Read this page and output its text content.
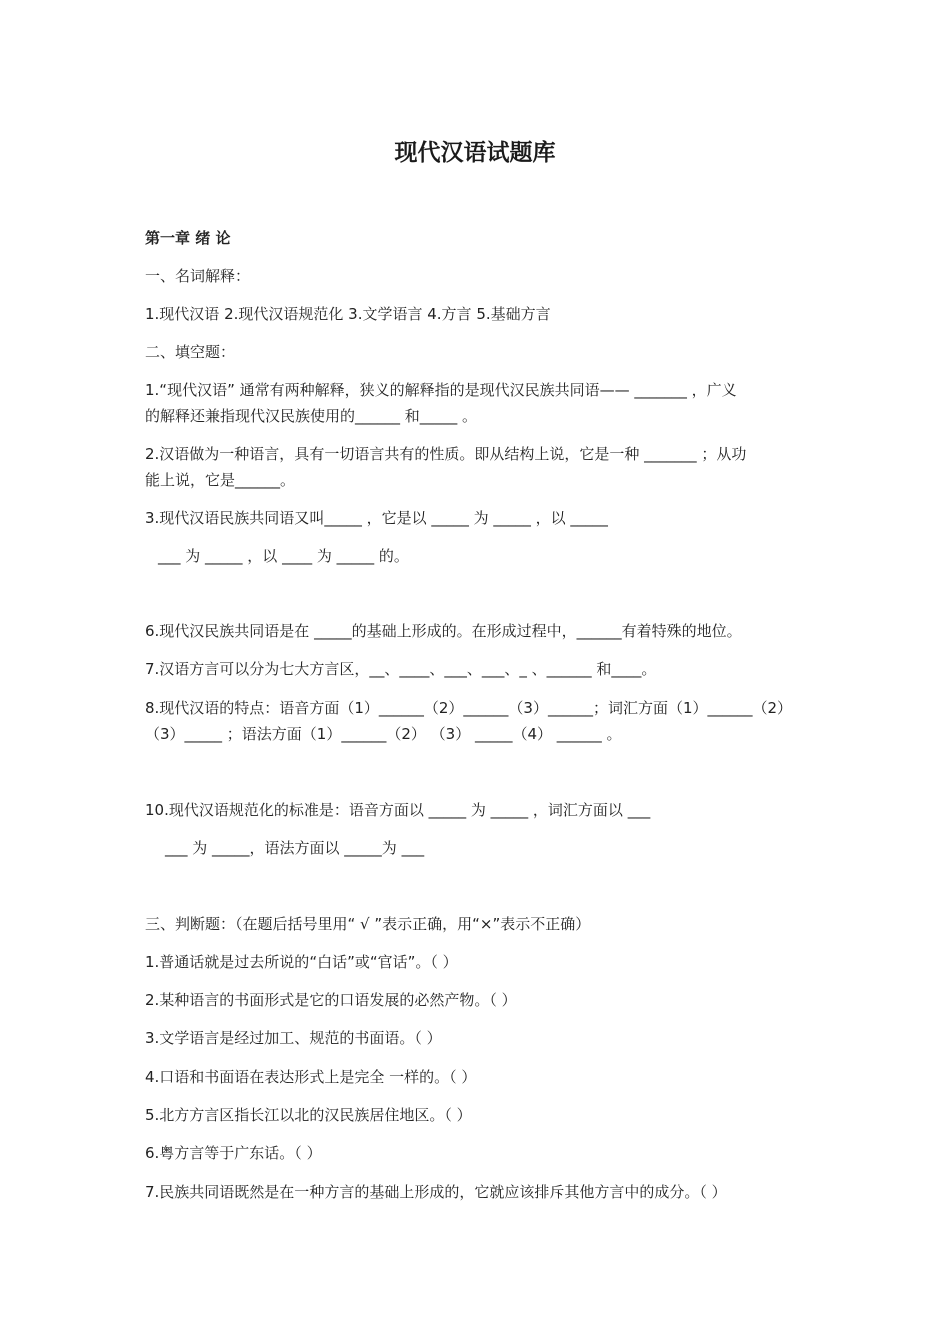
现代汉语试题库
第一章 绪 论
一、名词解释：
1.现代汉语 2.现代汉语规范化 3.文学语言 4.方言 5.基础方言
二、填空题：
1.“现代汉语” 通常有两种解释，狭义的解释指的是现代汉民族共同语—— _______ ，广义
的解释还兼指现代汉民族使用的______ 和_____ 。
2.汉语做为一种语言，具有一切语言共有的性质。即从结构上说，它是一种 _______ ；从功
能上说，它是______。
3.现代汉语民族共同语又叫_____ ，它是以 _____ 为 _____ ，以 _____
___ 为 _____ ，以 ____ 为 _____ 的。
6.现代汉民族共同语是在 _____的基础上形成的。在形成过程中，______有着特殊的地位。
7.汉语方言可以分为七大方言区，__、____、___、___、_ 、______ 和____。
8.现代汉语的特点：语音方面（1）______（2）______（3）______；词汇方面（1）______（2）
（3）_____ ；语法方面（1）______（2） （3） _____（4） ______ 。
10.现代汉语规范化的标准是：语音方面以 _____ 为 _____ ，词汇方面以 ___
___ 为 _____，语法方面以 _____为 ___
三、判断题：（在题后括号里用“ √ ”表示正确，用“×”表示不正确）
1.普通话就是过去所说的“白话”或“官话”。（ ）
2.某种语言的书面形式是它的口语发展的必然产物。（ ）
3.文学语言是经过加工、规范的书面语。（ ）
4.口语和书面语在表达形式上是完全 一样的。（ ）
5.北方方言区指长江以北的汉民族居住地区。（ ）
6.粤方言等于广东话。（ ）
7.民族共同语既然是在一种方言的基础上形成的，它就应该排斥其他方言中的成分。（ ）
